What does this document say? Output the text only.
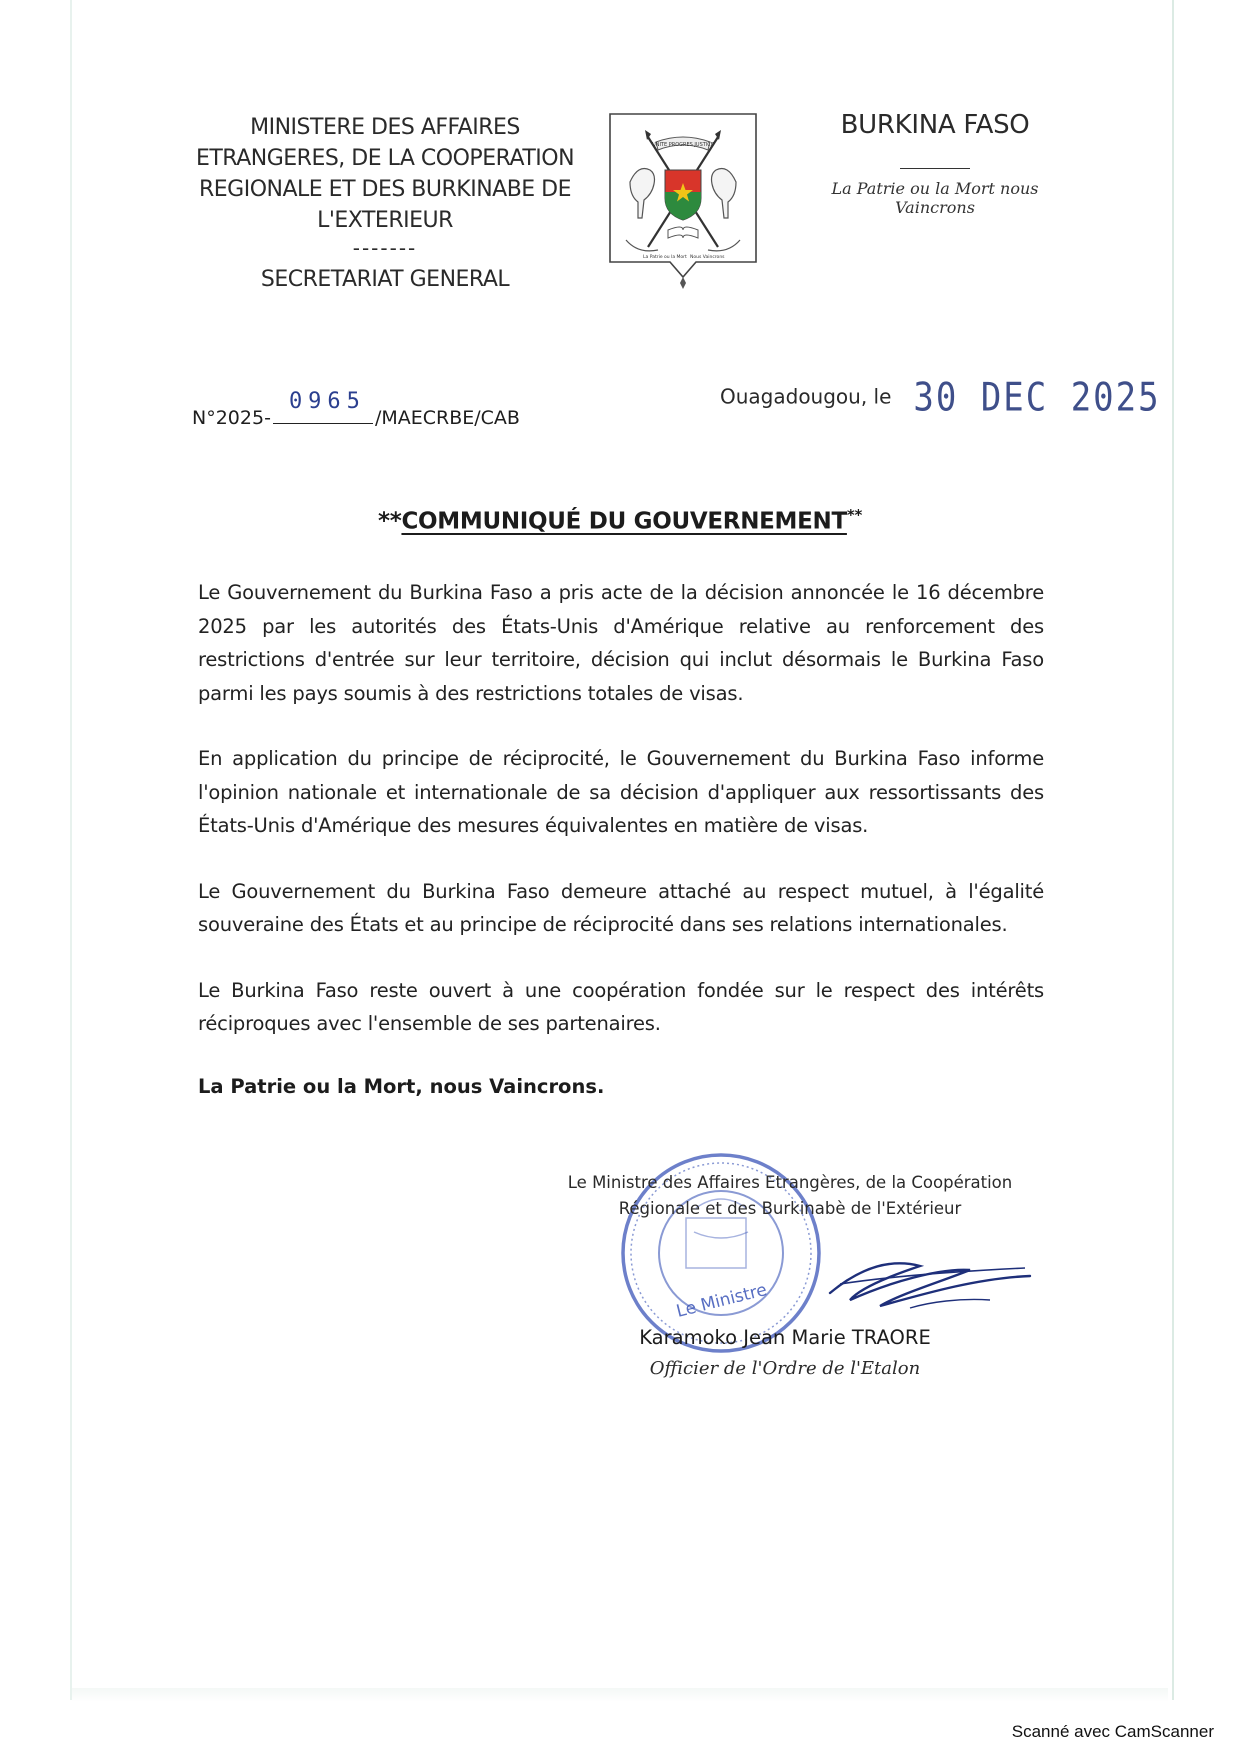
MINISTERE DES AFFAIRES
ETRANGERES, DE LA COOPERATION
REGIONALE ET DES BURKINABE DE
L'EXTERIEUR
-------
SECRETARIAT GENERAL
UNITE PROGRES JUSTICE
La Patrie ou la Mort Nous Vaincrons
BURKINA FASO
La Patrie ou la Mort nous Vaincrons
N°2025-
0965
/MAECRBE/CAB
Ouagadougou, le 30 DEC 2025
**COMMUNIQUÉ DU GOUVERNEMENT**

Le Gouvernement du Burkina Faso a pris acte de la décision annoncée le 16 décembre 2025 par les autorités des États-Unis d'Amérique relative au renforcement des restrictions d'entrée sur leur territoire, décision qui inclut désormais le Burkina Faso parmi les pays soumis à des restrictions totales de visas.

En application du principe de réciprocité, le Gouvernement du Burkina Faso informe l'opinion nationale et internationale de sa décision d'appliquer aux ressortissants des États-Unis d'Amérique des mesures équivalentes en matière de visas.

Le Gouvernement du Burkina Faso demeure attaché au respect mutuel, à l'égalité souveraine des États et au principe de réciprocité dans ses relations internationales.

Le Burkina Faso reste ouvert à une coopération fondée sur le respect des intérêts réciproques avec l'ensemble de ses partenaires.

La Patrie ou la Mort, nous Vaincrons.
Le Ministre
Le Ministre des Affaires Etrangères, de la Coopération
Régionale et des Burkinabè de l'Extérieur
Karamoko Jean Marie TRAORE
Officier de l'Ordre de l'Etalon
Scanné avec CamScanner
